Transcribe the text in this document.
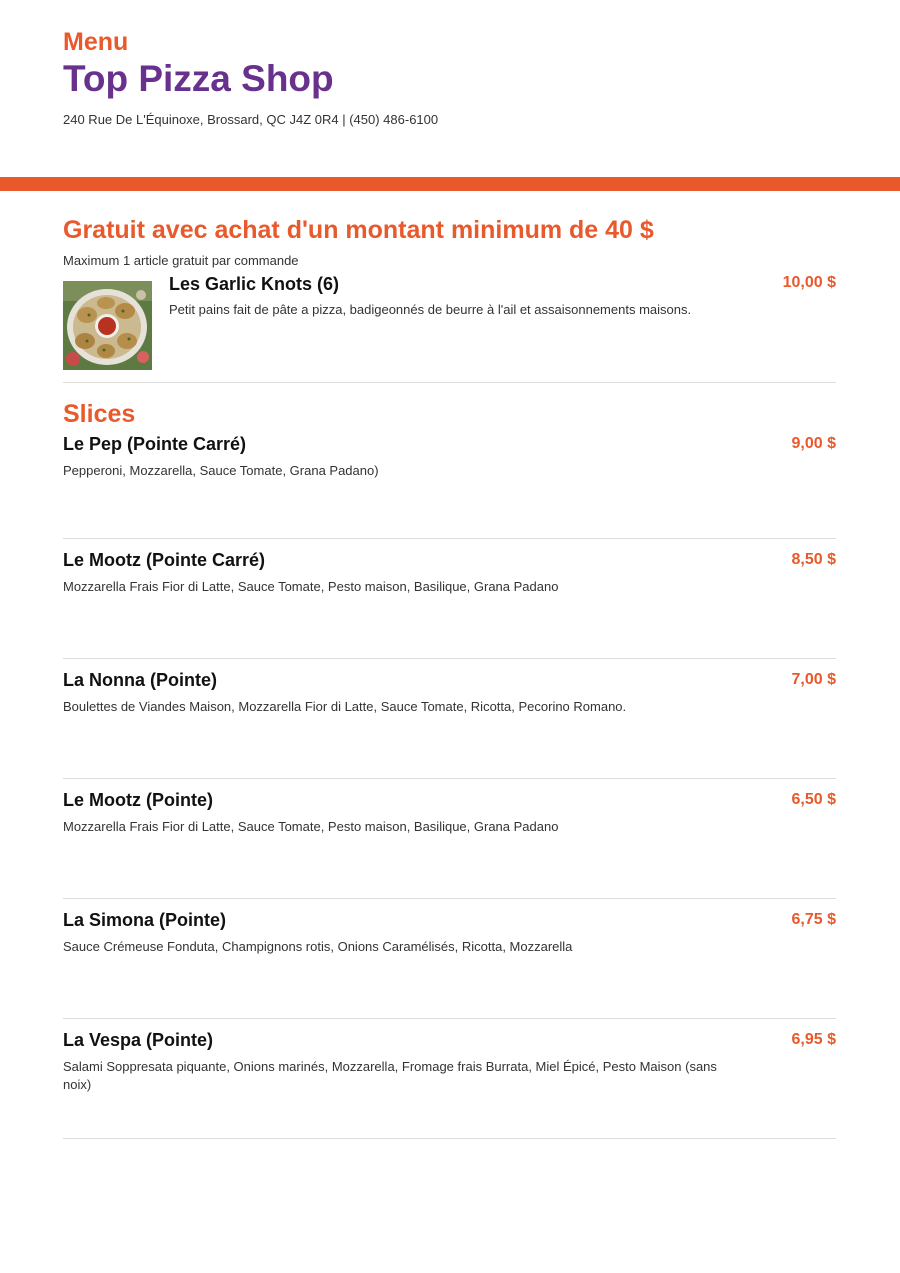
Menu

Top Pizza Shop
240 Rue De L'Équinoxe, Brossard, QC J4Z 0R4 | (450) 486-6100
Gratuit avec achat d'un montant minimum de 40 $

Maximum 1 article gratuit par commande

Les Garlic Knots (6)
Petit pains fait de pâte a pizza, badigeonnés de beurre à l'ail et assaisonnements maisons.
10,00 $
Slices
Le Pep (Pointe Carré)
Pepperoni, Mozzarella, Sauce Tomate, Grana Padano)
9,00 $
Le Mootz (Pointe Carré)
Mozzarella Frais Fior di Latte, Sauce Tomate, Pesto maison, Basilique, Grana Padano
8,50 $
La Nonna (Pointe)
Boulettes de Viandes Maison, Mozzarella Fior di Latte, Sauce Tomate, Ricotta, Pecorino Romano.
7,00 $
Le Mootz (Pointe)
Mozzarella Frais Fior di Latte, Sauce Tomate, Pesto maison, Basilique, Grana Padano
6,50 $
La Simona (Pointe)
Sauce Crémeuse Fonduta, Champignons rotis, Onions Caramélisés, Ricotta, Mozzarella
6,75 $
La Vespa (Pointe)
Salami Soppresata piquante, Onions marinés, Mozzarella, Fromage frais Burrata, Miel Épicé, Pesto Maison (sans noix)
6,95 $
